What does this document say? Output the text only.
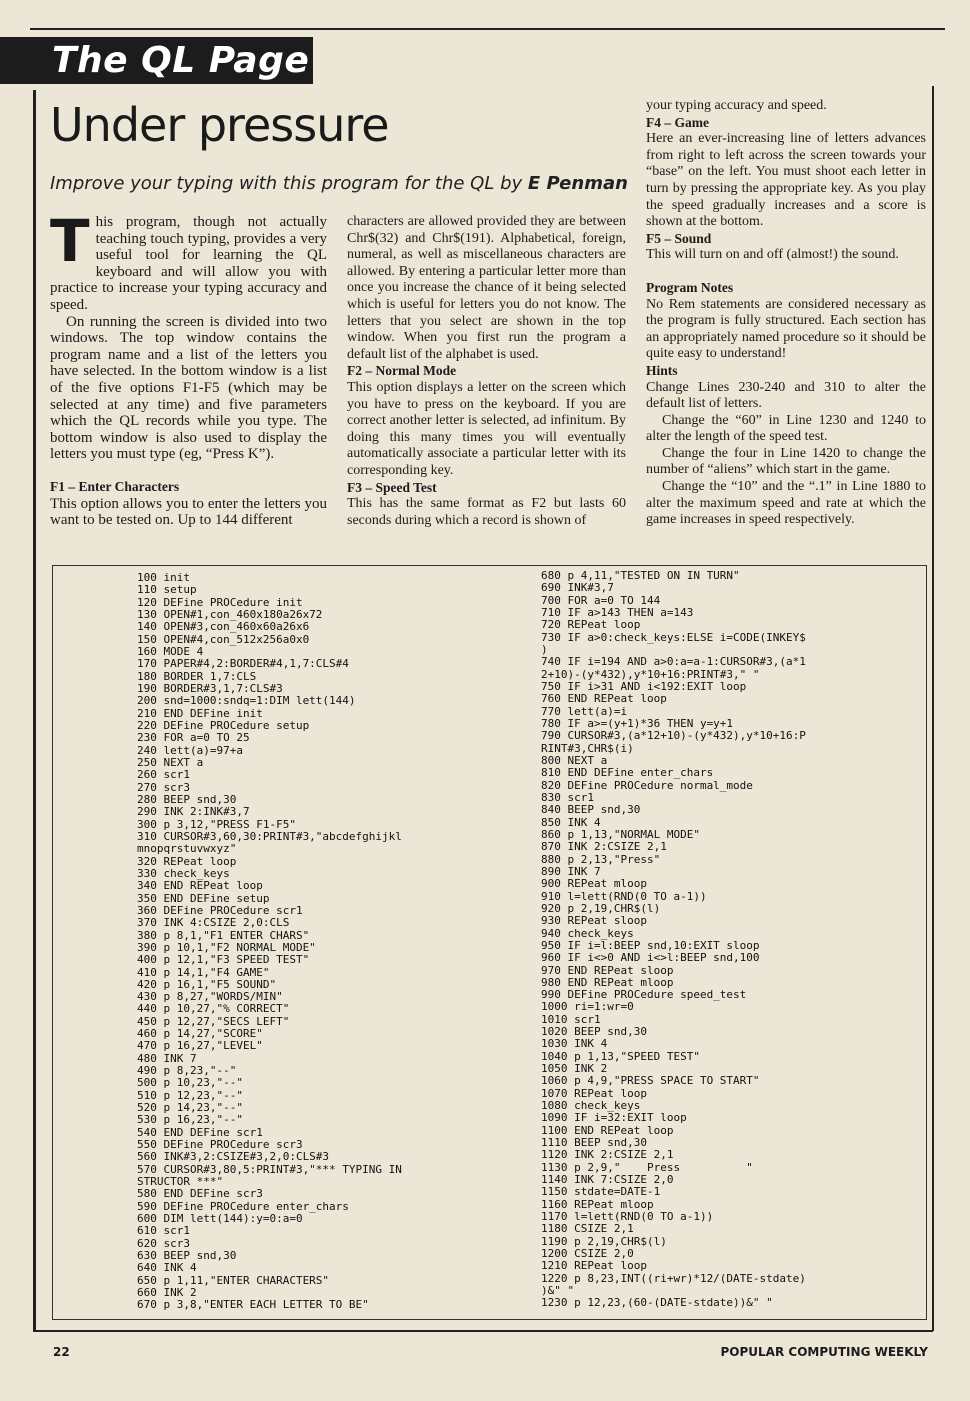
The QL Page
Under pressure

Improve your typing with this program for the QL by E Penman

This program, though not actually teaching touch typing, provides a very useful tool for learning the QL keyboard and will allow you with practice to increase your typing accuracy and speed.

On running the screen is divided into two windows. The top window contains the program name and a list of the letters you have selected. In the bottom window is a list of the five options F1-F5 (which may be selected at any time) and five parameters which the QL records while you type. The bottom window is also used to display the letters you must type (eg, “Press K”).

F1 – Enter Characters

This option allows you to enter the letters you want to be tested on. Up to 144 different

characters are allowed provided they are between Chr$(32) and Chr$(191). Alphabetical, foreign, numeral, as well as miscellaneous characters are allowed. By entering a particular letter more than once you increase the chance of it being selected which is useful for letters you do not know. The letters that you select are shown in the top window. When you first run the program a default list of the alphabet is used.

F2 – Normal Mode

This option displays a letter on the screen which you have to press on the keyboard. If you are correct another letter is selected, ad infinitum. By doing this many times you will eventually automatically associate a particular letter with its corresponding key.

F3 – Speed Test

This has the same format as F2 but lasts 60 seconds during which a record is shown of

your typing accuracy and speed.

F4 – Game

Here an ever-increasing line of letters advances from right to left across the screen towards your “base” on the left. You must shoot each letter in turn by pressing the appropriate key. As you play the speed gradually increases and a score is shown at the bottom.

F5 – Sound

This will turn on and off (almost!) the sound.

Program Notes

No Rem statements are considered necessary as the program is fully structured. Each section has an appropriately named procedure so it should be quite easy to understand!

Hints

Change Lines 230-240 and 310 to alter the default list of letters.

Change the “60” in Line 1230 and 1240 to alter the length of the speed test.

Change the four in Line 1420 to change the number of “aliens” which start in the game.

Change the “10” and the “.1” in Line 1880 to alter the maximum speed and rate at which the game increases in speed respectively.

100 init
110 setup
120 DEFine PROCedure init
130 OPEN#1,con_460x180a26x72
140 OPEN#3,con_460x60a26x6
150 OPEN#4,con_512x256a0x0
160 MODE 4
170 PAPER#4,2:BORDER#4,1,7:CLS#4
180 BORDER 1,7:CLS
190 BORDER#3,1,7:CLS#3
200 snd=1000:sndq=1:DIM lett(144)
210 END DEFine init
220 DEFine PROCedure setup
230 FOR a=0 TO 25
240 lett(a)=97+a
250 NEXT a
260 scr1
270 scr3
280 BEEP snd,30
290 INK 2:INK#3,7
300 p 3,12,"PRESS F1-F5"
310 CURSOR#3,60,30:PRINT#3,"abcdefghijkl
mnopqrstuvwxyz"
320 REPeat loop
330 check_keys
340 END REPeat loop
350 END DEFine setup
360 DEFine PROCedure scr1
370 INK 4:CSIZE 2,0:CLS
380 p 8,1,"F1 ENTER CHARS"
390 p 10,1,"F2 NORMAL MODE"
400 p 12,1,"F3 SPEED TEST"
410 p 14,1,"F4 GAME"
420 p 16,1,"F5 SOUND"
430 p 8,27,"WORDS/MIN"
440 p 10,27,"% CORRECT"
450 p 12,27,"SECS LEFT"
460 p 14,27,"SCORE"
470 p 16,27,"LEVEL"
480 INK 7
490 p 8,23,"--"
500 p 10,23,"--"
510 p 12,23,"--"
520 p 14,23,"--"
530 p 16,23,"--"
540 END DEFine scr1
550 DEFine PROCedure scr3
560 INK#3,2:CSIZE#3,2,0:CLS#3
570 CURSOR#3,80,5:PRINT#3,"*** TYPING IN
STRUCTOR ***"
580 END DEFine scr3
590 DEFine PROCedure enter_chars
600 DIM lett(144):y=0:a=0
610 scr1
620 scr3
630 BEEP snd,30
640 INK 4
650 p 1,11,"ENTER CHARACTERS"
660 INK 2
670 p 3,8,"ENTER EACH LETTER TO BE"
680 p 4,11,"TESTED ON IN TURN"
690 INK#3,7
700 FOR a=0 TO 144
710 IF a>143 THEN a=143
720 REPeat loop
730 IF a>0:check_keys:ELSE i=CODE(INKEY$
)
740 IF i=194 AND a>0:a=a-1:CURSOR#3,(a*1
2+10)-(y*432),y*10+16:PRINT#3," "
750 IF i>31 AND i<192:EXIT loop
760 END REPeat loop
770 lett(a)=i
780 IF a>=(y+1)*36 THEN y=y+1
790 CURSOR#3,(a*12+10)-(y*432),y*10+16:P
RINT#3,CHR$(i)
800 NEXT a
810 END DEFine enter_chars
820 DEFine PROCedure normal_mode
830 scr1
840 BEEP snd,30
850 INK 4
860 p 1,13,"NORMAL MODE"
870 INK 2:CSIZE 2,1
880 p 2,13,"Press"
890 INK 7
900 REPeat mloop
910 l=lett(RND(0 TO a-1))
920 p 2,19,CHR$(l)
930 REPeat sloop
940 check_keys
950 IF i=l:BEEP snd,10:EXIT sloop
960 IF i<>0 AND i<>l:BEEP snd,100
970 END REPeat sloop
980 END REPeat mloop
990 DEFine PROCedure speed_test
1000 ri=1:wr=0
1010 scr1
1020 BEEP snd,30
1030 INK 4
1040 p 1,13,"SPEED TEST"
1050 INK 2
1060 p 4,9,"PRESS SPACE TO START"
1070 REPeat loop
1080 check_keys
1090 IF i=32:EXIT loop
1100 END REPeat loop
1110 BEEP snd,30
1120 INK 2:CSIZE 2,1
1130 p 2,9,"    Press          "
1140 INK 7:CSIZE 2,0
1150 stdate=DATE-1
1160 REPeat mloop
1170 l=lett(RND(0 TO a-1))
1180 CSIZE 2,1
1190 p 2,19,CHR$(l)
1200 CSIZE 2,0
1210 REPeat loop
1220 p 8,23,INT((ri+wr)*12/(DATE-stdate)
)&" "
1230 p 12,23,(60-(DATE-stdate))&" "
22	POPULAR COMPUTING WEEKLY
